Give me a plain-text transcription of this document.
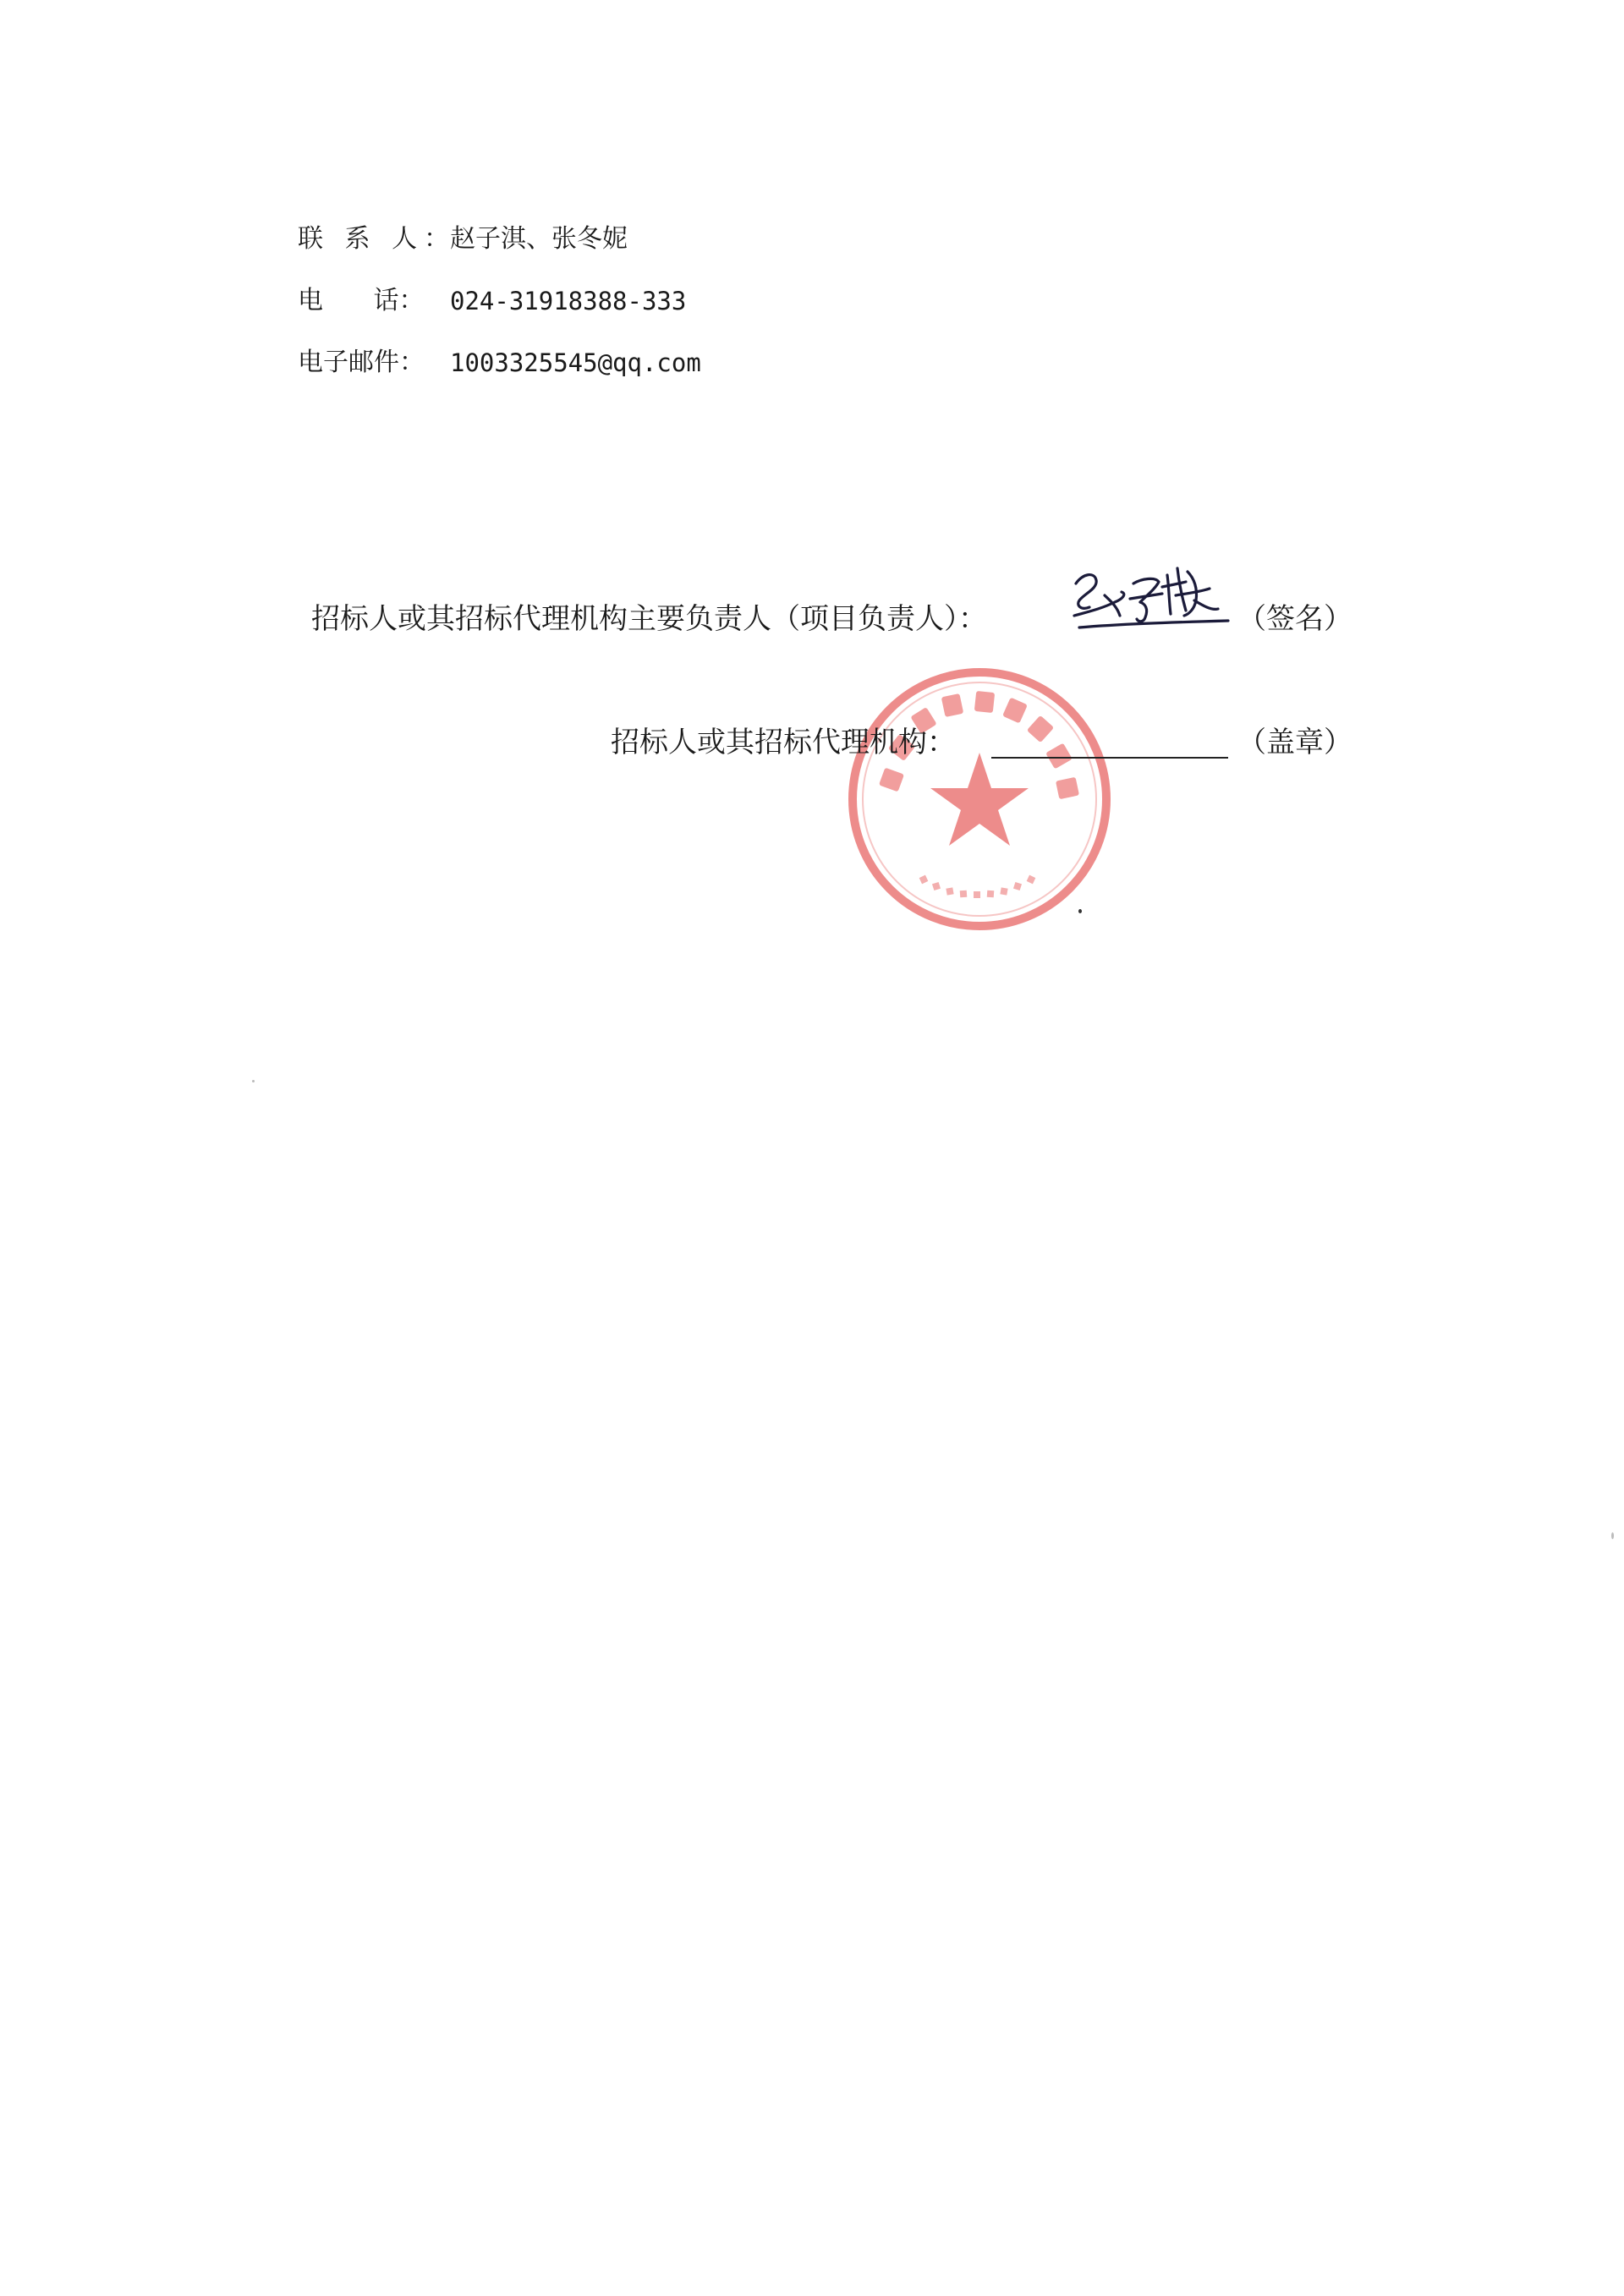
联 系 人：
赵子淇、张冬妮
电 话： 024-31918388-333
电子邮件： 1003325545@qq.com
招标人或其招标代理机构主要负责人（项目负责人）：	（签名）
招标人或其招标代理机构：	（盖章）
